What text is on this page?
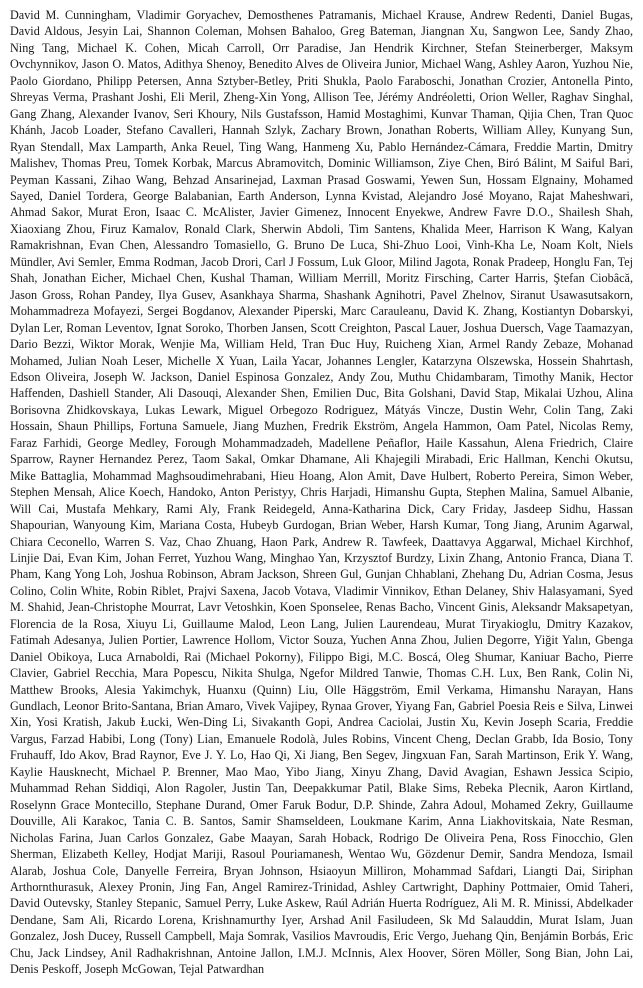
David M. Cunningham, Vladimir Goryachev, Demosthenes Patramanis, Michael Krause, Andrew Redenti, Daniel Bugas, David Aldous, Jesyin Lai, Shannon Coleman, Mohsen Bahaloo, Greg Bateman, Jiangnan Xu, Sangwon Lee, Sandy Zhao, Ning Tang, Michael K. Cohen, Micah Carroll, Orr Paradise, Jan Hendrik Kirchner, Stefan Steinerberger, Maksym Ovchynnikov, Jason O. Matos, Adithya Shenoy, Benedito Alves de Oliveira Junior, Michael Wang, Ashley Aaron, Yuzhou Nie, Paolo Giordano, Philipp Petersen, Anna Sztyber-Betley, Priti Shukla, Paolo Faraboschi, Jonathan Crozier, Antonella Pinto, Shreyas Verma, Prashant Joshi, Eli Meril, Zheng-Xin Yong, Allison Tee, Jérémy Andréoletti, Orion Weller, Raghav Singhal, Gang Zhang, Alexander Ivanov, Seri Khoury, Nils Gustafsson, Hamid Mostaghimi, Kunvar Thaman, Qijia Chen, Tran Quoc Khánh, Jacob Loader, Stefano Cavalleri, Hannah Szlyk, Zachary Brown, Jonathan Roberts, William Alley, Kunyang Sun, Ryan Stendall, Max Lamparth, Anka Reuel, Ting Wang, Hanmeng Xu, Pablo Hernández-Cámara, Freddie Martin, Dmitry Malishev, Thomas Preu, Tomek Korbak, Marcus Abramovitch, Dominic Williamson, Ziye Chen, Biró Bálint, M Saiful Bari, Peyman Kassani, Zihao Wang, Behzad Ansarinejad, Laxman Prasad Goswami, Yewen Sun, Hossam Elgnainy, Mohamed Sayed, Daniel Tordera, George Balabanian, Earth Anderson, Lynna Kvistad, Alejandro José Moyano, Rajat Maheshwari, Ahmad Sakor, Murat Eron, Isaac C. McAlister, Javier Gimenez, Innocent Enyekwe, Andrew Favre D.O., Shailesh Shah, Xiaoxiang Zhou, Firuz Kamalov, Ronald Clark, Sherwin Abdoli, Tim Santens, Khalida Meer, Harrison K Wang, Kalyan Ramakrishnan, Evan Chen, Alessandro Tomasiello, G. Bruno De Luca, Shi-Zhuo Looi, Vinh-Kha Le, Noam Kolt, Niels Mündler, Avi Semler, Emma Rodman, Jacob Drori, Carl J Fossum, Luk Gloor, Milind Jagota, Ronak Pradeep, Honglu Fan, Tej Shah, Jonathan Eicher, Michael Chen, Kushal Thaman, William Merrill, Moritz Firsching, Carter Harris, Ştefan Ciobâcă, Jason Gross, Rohan Pandey, Ilya Gusev, Asankhaya Sharma, Shashank Agnihotri, Pavel Zhelnov, Siranut Usawasutsakorn, Mohammadreza Mofayezi, Sergei Bogdanov, Alexander Piperski, Marc Carauleanu, David K. Zhang, Kostiantyn Dobarskyi, Dylan Ler, Roman Leventov, Ignat Soroko, Thorben Jansen, Scott Creighton, Pascal Lauer, Joshua Duersch, Vage Taamazyan, Dario Bezzi, Wiktor Morak, Wenjie Ma, William Held, Tran Đuc Huy, Ruicheng Xian, Armel Randy Zebaze, Mohanad Mohamed, Julian Noah Leser, Michelle X Yuan, Laila Yacar, Johannes Lengler, Katarzyna Olszewska, Hossein Shahrtash, Edson Oliveira, Joseph W. Jackson, Daniel Espinosa Gonzalez, Andy Zou, Muthu Chidambaram, Timothy Manik, Hector Haffenden, Dashiell Stander, Ali Dasouqi, Alexander Shen, Emilien Duc, Bita Golshani, David Stap, Mikalai Uzhou, Alina Borisovna Zhidkovskaya, Lukas Lewark, Miguel Orbegozo Rodriguez, Mátyás Vincze, Dustin Wehr, Colin Tang, Zaki Hossain, Shaun Phillips, Fortuna Samuele, Jiang Muzhen, Fredrik Ekström, Angela Hammon, Oam Patel, Nicolas Remy, Faraz Farhidi, George Medley, Forough Mohammadzadeh, Madellene Peñaflor, Haile Kassahun, Alena Friedrich, Claire Sparrow, Rayner Hernandez Perez, Taom Sakal, Omkar Dhamane, Ali Khajegili Mirabadi, Eric Hallman, Kenchi Okutsu, Mike Battaglia, Mohammad Maghsoudimehrabani, Hieu Hoang, Alon Amit, Dave Hulbert, Roberto Pereira, Simon Weber, Stephen Mensah, Alice Koech, Handoko, Anton Peristyy, Chris Harjadi, Himanshu Gupta, Stephen Malina, Samuel Albanie, Will Cai, Mustafa Mehkary, Rami Aly, Frank Reidegeld, Anna-Katharina Dick, Cary Friday, Jasdeep Sidhu, Hassan Shapourian, Wanyoung Kim, Mariana Costa, Hubeyb Gurdogan, Brian Weber, Harsh Kumar, Tong Jiang, Arunim Agarwal, Chiara Ceconello, Warren S. Vaz, Chao Zhuang, Haon Park, Andrew R. Tawfeek, Daattavya Aggarwal, Michael Kirchhof, Linjie Dai, Evan Kim, Johan Ferret, Yuzhou Wang, Minghao Yan, Krzysztof Burdzy, Lixin Zhang, Antonio Franca, Diana T. Pham, Kang Yong Loh, Joshua Robinson, Abram Jackson, Shreen Gul, Gunjan Chhablani, Zhehang Du, Adrian Cosma, Jesus Colino, Colin White, Robin Riblet, Prajvi Saxena, Jacob Votava, Vladimir Vinnikov, Ethan Delaney, Shiv Halasyamani, Syed M. Shahid, Jean-Christophe Mourrat, Lavr Vetoshkin, Koen Sponselee, Renas Bacho, Vincent Ginis, Aleksandr Maksapetyan, Florencia de la Rosa, Xiuyu Li, Guillaume Malod, Leon Lang, Julien Laurendeau, Murat Tiryakioglu, Dmitry Kazakov, Fatimah Adesanya, Julien Portier, Lawrence Hollom, Victor Souza, Yuchen Anna Zhou, Julien Degorre, Yiğit Yalın, Gbenga Daniel Obikoya, Luca Arnaboldi, Rai (Michael Pokorny), Filippo Bigi, M.C. Boscá, Oleg Shumar, Kaniuar Bacho, Pierre Clavier, Gabriel Recchia, Mara Popescu, Nikita Shulga, Ngefor Mildred Tanwie, Thomas C.H. Lux, Ben Rank, Colin Ni, Matthew Brooks, Alesia Yakimchyk, Huanxu (Quinn) Liu, Olle Häggström, Emil Verkama, Himanshu Narayan, Hans Gundlach, Leonor Brito-Santana, Brian Amaro, Vivek Vajipey, Rynaa Grover, Yiyang Fan, Gabriel Poesia Reis e Silva, Linwei Xin, Yosi Kratish, Jakub Łucki, Wen-Ding Li, Sivakanth Gopi, Andrea Caciolai, Justin Xu, Kevin Joseph Scaria, Freddie Vargus, Farzad Habibi, Long (Tony) Lian, Emanuele Rodolà, Jules Robins, Vincent Cheng, Declan Grabb, Ida Bosio, Tony Fruhauff, Ido Akov, Brad Raynor, Eve J. Y. Lo, Hao Qi, Xi Jiang, Ben Segev, Jingxuan Fan, Sarah Martinson, Erik Y. Wang, Kaylie Hausknecht, Michael P. Brenner, Mao Mao, Yibo Jiang, Xinyu Zhang, David Avagian, Eshawn Jessica Scipio, Muhammad Rehan Siddiqi, Alon Ragoler, Justin Tan, Deepakkumar Patil, Blake Sims, Rebeka Plecnik, Aaron Kirtland, Roselynn Grace Montecillo, Stephane Durand, Omer Faruk Bodur, D.P. Shinde, Zahra Adoul, Mohamed Zekry, Guillaume Douville, Ali Karakoc, Tania C. B. Santos, Samir Shamseldeen, Loukmane Karim, Anna Liakhovitskaia, Nate Resman, Nicholas Farina, Juan Carlos Gonzalez, Gabe Maayan, Sarah Hoback, Rodrigo De Oliveira Pena, Ross Finocchio, Glen Sherman, Elizabeth Kelley, Hodjat Mariji, Rasoul Pouriamanesh, Wentao Wu, Gözdenur Demir, Sandra Mendoza, Ismail Alarab, Joshua Cole, Danyelle Ferreira, Bryan Johnson, Hsiaoyun Milliron, Mohammad Safdari, Liangti Dai, Siriphan Arthornthurasuk, Alexey Pronin, Jing Fan, Angel Ramirez-Trinidad, Ashley Cartwright, Daphiny Pottmaier, Omid Taheri, David Outevsky, Stanley Stepanic, Samuel Perry, Luke Askew, Raúl Adrián Huerta Rodríguez, Ali M. R. Minissi, Abdelkader Dendane, Sam Ali, Ricardo Lorena, Krishnamurthy Iyer, Arshad Anil Fasiludeen, Sk Md Salauddin, Murat Islam, Juan Gonzalez, Josh Ducey, Russell Campbell, Maja Somrak, Vasilios Mavroudis, Eric Vergo, Juehang Qin, Benjámin Borbás, Eric Chu, Jack Lindsey, Anil Radhakrishnan, Antoine Jallon, I.M.J. McInnis, Alex Hoover, Sören Möller, Song Bian, John Lai, Denis Peskoff, Joseph McGowan, Tejal Patwardhan
